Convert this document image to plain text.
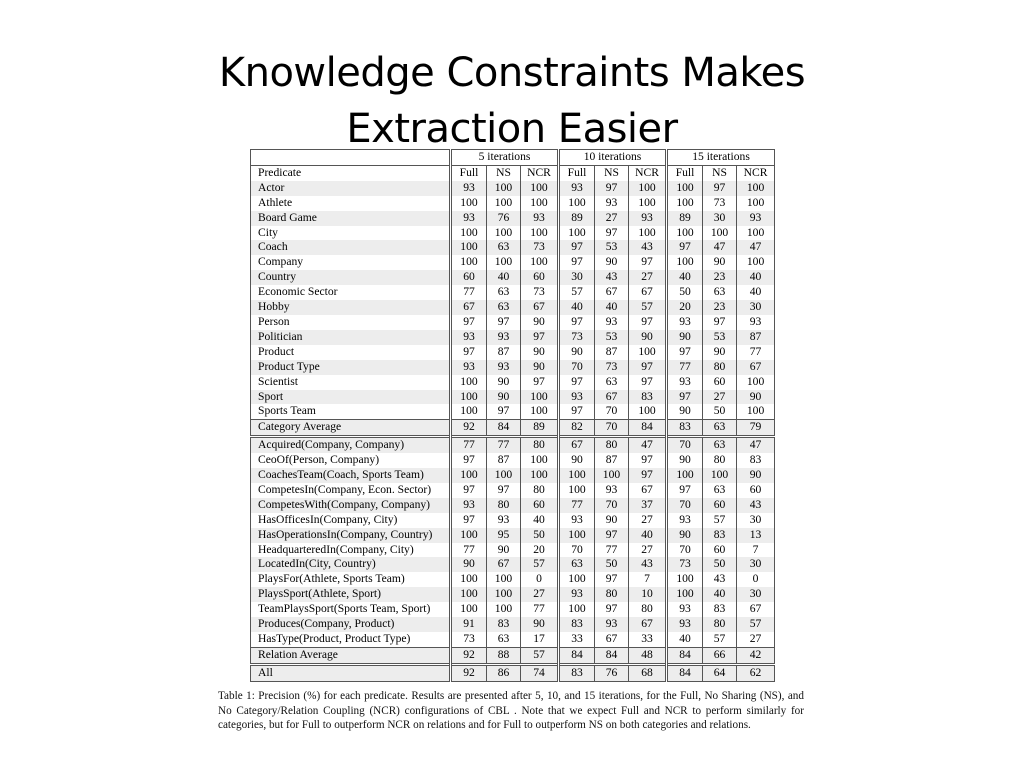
Knowledge Constraints Makes
Extraction Easier
	5 iterations			10 iterations			15 iterations		
Predicate	Full	NS	NCR	Full	NS	NCR	Full	NS	NCR
Actor	93	100	100	93	97	100	100	97	100
Athlete	100	100	100	100	93	100	100	73	100
Board Game	93	76	93	89	27	93	89	30	93
City	100	100	100	100	97	100	100	100	100
Coach	100	63	73	97	53	43	97	47	47
Company	100	100	100	97	90	97	100	90	100
Country	60	40	60	30	43	27	40	23	40
Economic Sector	77	63	73	57	67	67	50	63	40
Hobby	67	63	67	40	40	57	20	23	30
Person	97	97	90	97	93	97	93	97	93
Politician	93	93	97	73	53	90	90	53	87
Product	97	87	90	90	87	100	97	90	77
Product Type	93	93	90	70	73	97	77	80	67
Scientist	100	90	97	97	63	97	93	60	100
Sport	100	90	100	93	67	83	97	27	90
Sports Team	100	97	100	97	70	100	90	50	100
Category Average	92	84	89	82	70	84	83	63	79
Acquired(Company, Company)	77	77	80	67	80	47	70	63	47
CeoOf(Person, Company)	97	87	100	90	87	97	90	80	83
CoachesTeam(Coach, Sports Team)	100	100	100	100	100	97	100	100	90
CompetesIn(Company, Econ. Sector)	97	97	80	100	93	67	97	63	60
CompetesWith(Company, Company)	93	80	60	77	70	37	70	60	43
HasOfficesIn(Company, City)	97	93	40	93	90	27	93	57	30
HasOperationsIn(Company, Country)	100	95	50	100	97	40	90	83	13
HeadquarteredIn(Company, City)	77	90	20	70	77	27	70	60	7
LocatedIn(City, Country)	90	67	57	63	50	43	73	50	30
PlaysFor(Athlete, Sports Team)	100	100	0	100	97	7	100	43	0
PlaysSport(Athlete, Sport)	100	100	27	93	80	10	100	40	30
TeamPlaysSport(Sports Team, Sport)	100	100	77	100	97	80	93	83	67
Produces(Company, Product)	91	83	90	83	93	67	93	80	57
HasType(Product, Product Type)	73	63	17	33	67	33	40	57	27
Relation Average	92	88	57	84	84	48	84	66	42
All	92	86	74	83	76	68	84	64	62
Table 1: Precision (%) for each predicate. Results are presented after 5, 10, and 15 iterations, for the Full, No Sharing (NS), and No Category/Relation Coupling (NCR) configurations of CBL . Note that we expect Full and NCR to perform similarly for categories, but for Full to outperform NCR on relations and for Full to outperform NS on both categories and relations.
